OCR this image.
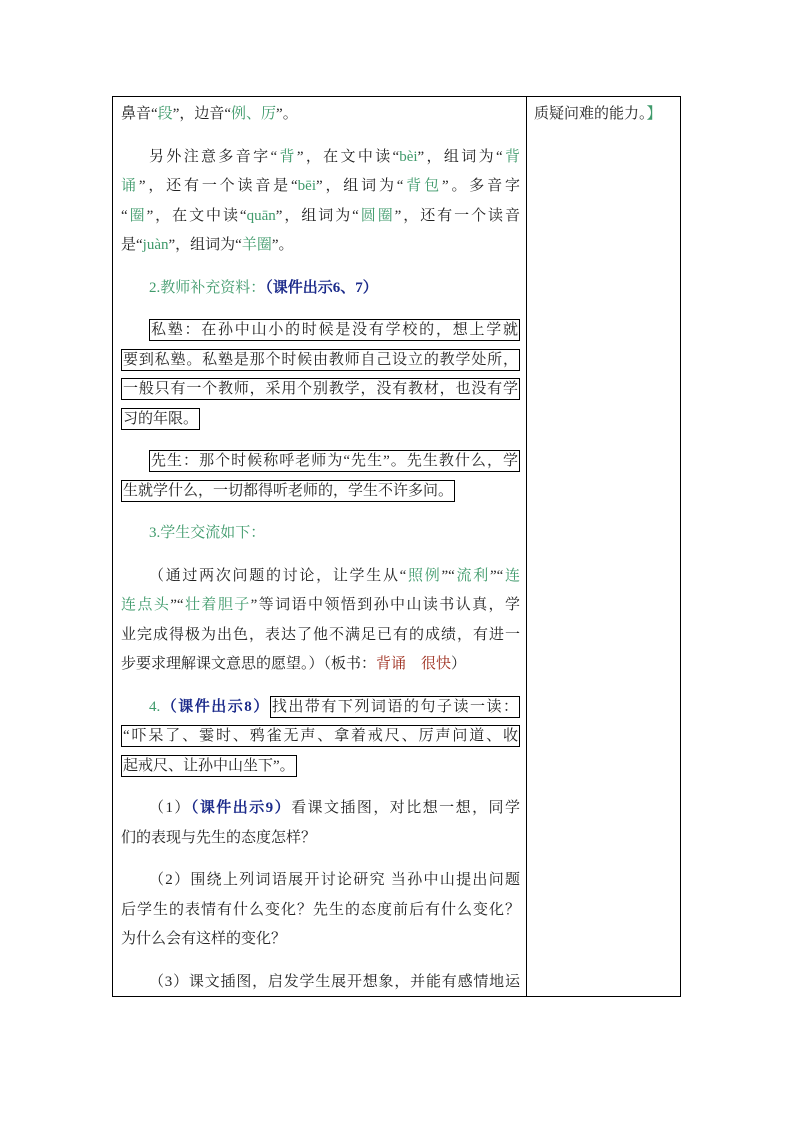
鼻音“段”，边音“例、厉”。
另外注意多音字“背”，在文中读“bèi”，组词为“背
诵”，还有一个读音是“bēi”，组词为“背包”。多音字
“圈”，在文中读“quān”，组词为“圆圈”，还有一个读音
是“juàn”，组词为“羊圈”。
2.教师补充资料：（课件出示6、7）
私塾：在孙中山小的时候是没有学校的，想上学就
要到私塾。私塾是那个时候由教师自己设立的教学处所，
一般只有一个教师，采用个别教学，没有教材，也没有学
习的年限。
先生：那个时候称呼老师为“先生”。先生教什么，学
生就学什么，一切都得听老师的，学生不许多问。
3.学生交流如下：
（通过两次问题的讨论，让学生从“照例”“流利”“连
连点头”“壮着胆子”等词语中领悟到孙中山读书认真，学
业完成得极为出色，表达了他不满足已有的成绩，有进一
步要求理解课文意思的愿望。）（板书：背诵　很快）
4.（课件出示8） 找出带有下列词语的句子读一读：
“吓呆了、霎时、鸦雀无声、拿着戒尺、厉声问道、收
起戒尺、让孙中山坐下”。
（1）（课件出示9）看课文插图，对比想一想，同学
们的表现与先生的态度怎样？
（2）围绕上列词语展开讨论研究 当孙中山提出问题
后学生的表情有什么变化？先生的态度前后有什么变化？
为什么会有这样的变化？
（3）课文插图，启发学生展开想象，并能有感情地运
质疑问难的能力。】
